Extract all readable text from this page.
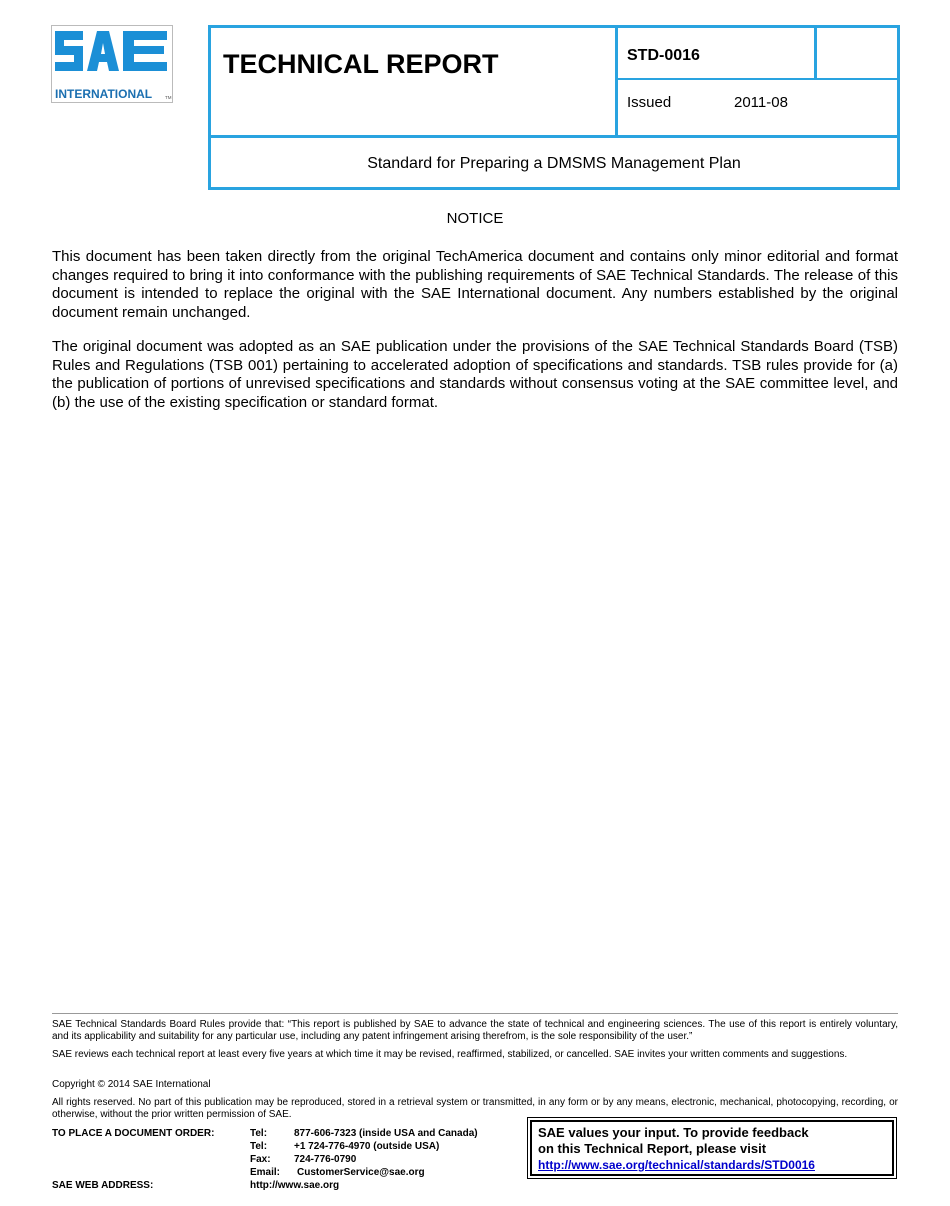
INTERNATIONAL	TM
TECHNICAL REPORT	STD-0016
Issued	2011-08
Standard for Preparing a DMSMS Management Plan
NOTICE

This document has been taken directly from the original TechAmerica document and contains only minor editorial and format changes required to bring it into conformance with the publishing requirements of SAE Technical Standards. The release of this document is intended to replace the original with the SAE International document. Any numbers established by the original document remain unchanged.

The original document was adopted as an SAE publication under the provisions of the SAE Technical Standards Board (TSB) Rules and Regulations (TSB 001) pertaining to accelerated adoption of specifications and standards. TSB rules provide for (a) the publication of portions of unrevised specifications and standards without consensus voting at the SAE committee level, and (b) the use of the existing specification or standard format.

SAE Technical Standards Board Rules provide that: “This report is published by SAE to advance the state of technical and engineering sciences. The use of this report is entirely voluntary, and its applicability and suitability for any particular use, including any patent infringement arising therefrom, is the sole responsibility of the user.”

SAE reviews each technical report at least every five years at which time it may be revised, reaffirmed, stabilized, or cancelled. SAE invites your written comments and suggestions.

Copyright © 2014 SAE International

All rights reserved. No part of this publication may be reproduced, stored in a retrieval system or transmitted, in any form or by any means, electronic, mechanical, photocopying, recording, or otherwise, without the prior written permission of SAE.

TO PLACE A DOCUMENT ORDER:	Tel:	877-606-7323 (inside USA and Canada)
Tel:	+1 724-776-4970 (outside USA)
Fax: 724-776-0790
Email: CustomerService@sae.org
SAE WEB ADDRESS:	http://www.sae.org
SAE values your input. To provide feedback
on this Technical Report, please visit
http://www.sae.org/technical/standards/STD0016
